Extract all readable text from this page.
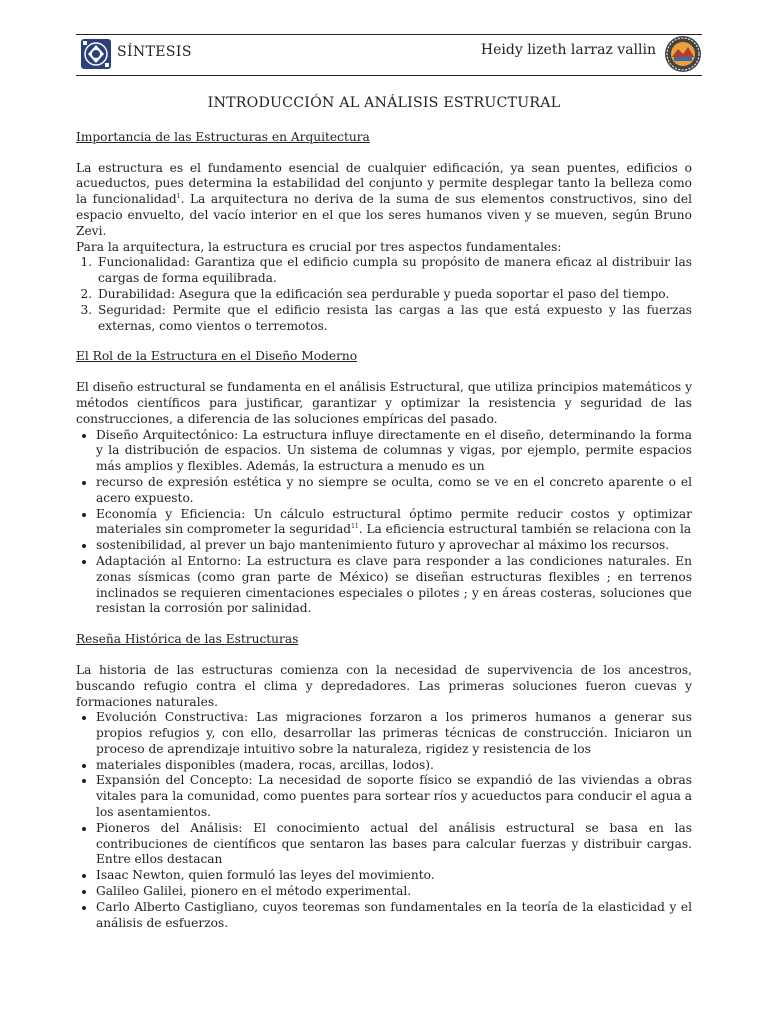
SÍNTESIS	Heidy lizeth larraz vallin
INTRODUCCIÓN AL ANÁLISIS ESTRUCTURAL
Importancia de las Estructuras en Arquitectura

La estructura es el fundamento esencial de cualquier edificación, ya sean puentes, edificios o acueductos, pues determina la estabilidad del conjunto y permite desplegar tanto la belleza como la funcionalidad$^1$. La arquitectura no deriva de la suma de sus elementos constructivos, sino del espacio envuelto, del vacío interior en el que los seres humanos viven y se mueven, según Bruno Zevi.

Para la arquitectura, la estructura es crucial por tres aspectos fundamentales:

1. Funcionalidad: Garantiza que el edificio cumpla su propósito de manera eficaz al distribuir las cargas de forma equilibrada.
2. Durabilidad: Asegura que la edificación sea perdurable y pueda soportar el paso del tiempo.
3. Seguridad: Permite que el edificio resista las cargas a las que está expuesto y las fuerzas externas, como vientos o terremotos.
El Rol de la Estructura en el Diseño Moderno

El diseño estructural se fundamenta en el análisis Estructural, que utiliza principios matemáticos y métodos científicos para justificar, garantizar y optimizar la resistencia y seguridad de las construcciones, a diferencia de las soluciones empíricas del pasado.

• Diseño Arquitectónico: La estructura influye directamente en el diseño, determinando la forma y la distribución de espacios. Un sistema de columnas y vigas, por ejemplo, permite espacios más amplios y flexibles. Además, la estructura a menudo es un
• recurso de expresión estética y no siempre se oculta, como se ve en el concreto aparente o el acero expuesto.
• Economía y Eficiencia: Un cálculo estructural óptimo permite reducir costos y optimizar materiales sin comprometer la seguridad$^{11}$. La eficiencia estructural también se relaciona con la
• sostenibilidad, al prever un bajo mantenimiento futuro y aprovechar al máximo los recursos.
• Adaptación al Entorno: La estructura es clave para responder a las condiciones naturales. En zonas sísmicas (como gran parte de México) se diseñan estructuras flexibles ; en terrenos inclinados se requieren cimentaciones especiales o pilotes ; y en áreas costeras, soluciones que resistan la corrosión por salinidad.
Reseña Histórica de las Estructuras

La historia de las estructuras comienza con la necesidad de supervivencia de los ancestros, buscando refugio contra el clima y depredadores. Las primeras soluciones fueron cuevas y formaciones naturales.

• Evolución Constructiva: Las migraciones forzaron a los primeros humanos a generar sus propios refugios y, con ello, desarrollar las primeras técnicas de construcción. Iniciaron un proceso de aprendizaje intuitivo sobre la naturaleza, rigidez y resistencia de los
• materiales disponibles (madera, rocas, arcillas, lodos).
• Expansión del Concepto: La necesidad de soporte físico se expandió de las viviendas a obras vitales para la comunidad, como puentes para sortear ríos y acueductos para conducir el agua a los asentamientos.
• Pioneros del Análisis: El conocimiento actual del análisis estructural se basa en las contribuciones de científicos que sentaron las bases para calcular fuerzas y distribuir cargas. Entre ellos destacan
• Isaac Newton, quien formuló las leyes del movimiento.
• Galileo Galilei, pionero en el método experimental.
• Carlo Alberto Castigliano, cuyos teoremas son fundamentales en la teoría de la elasticidad y el análisis de esfuerzos.
